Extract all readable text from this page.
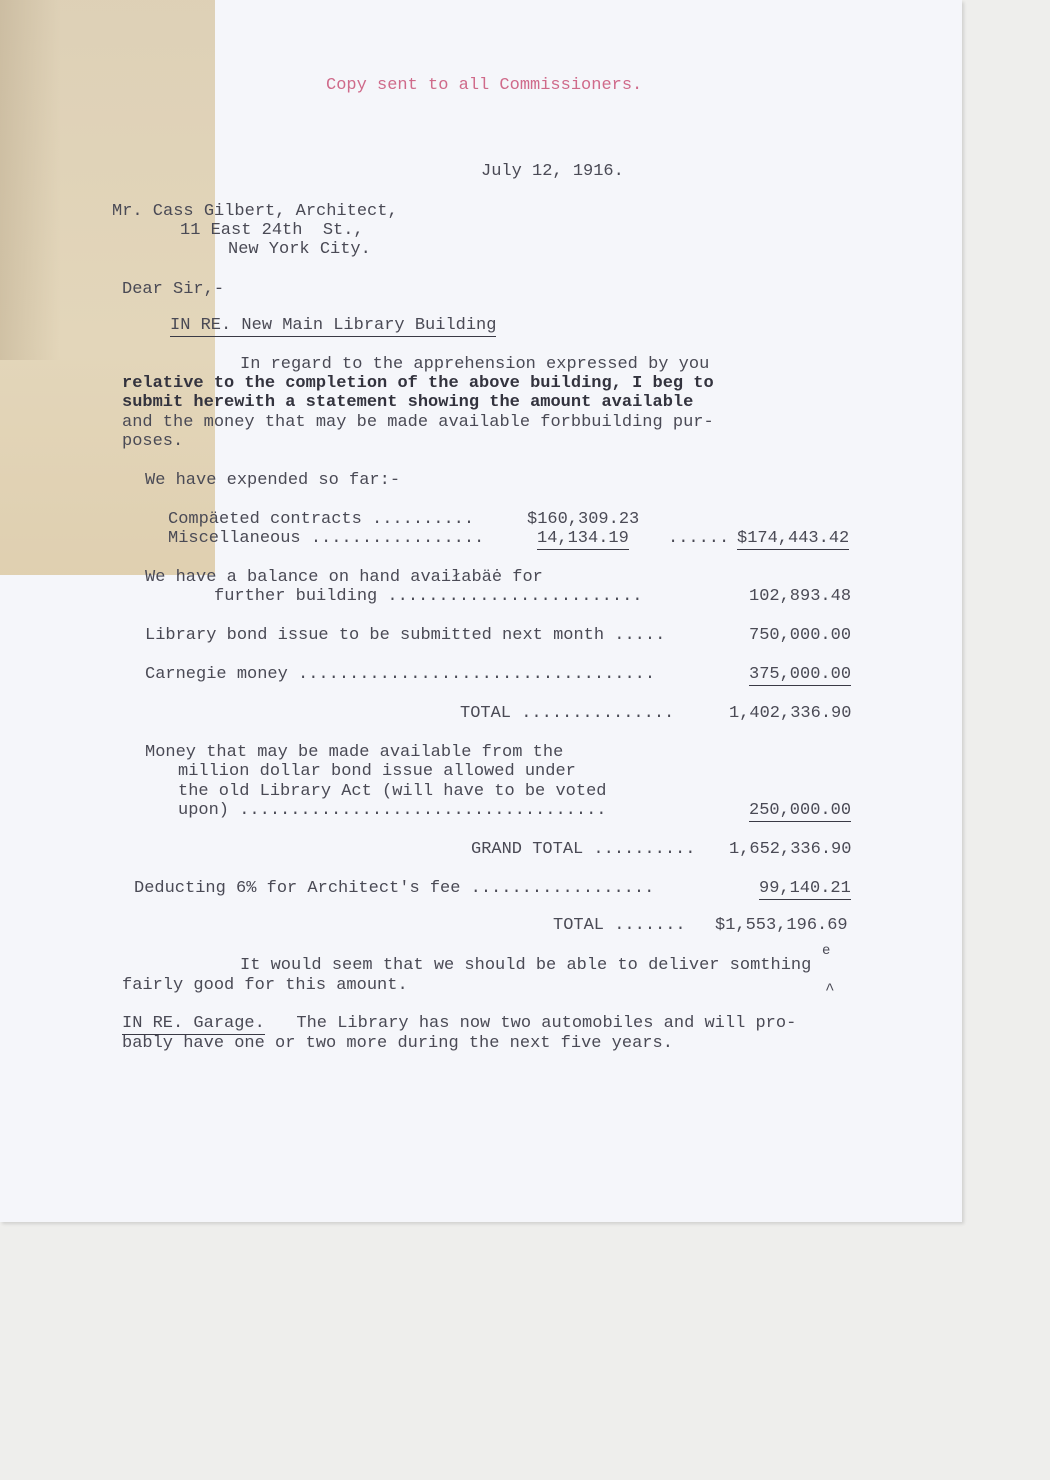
Copy sent to all Commissioners.
July 12, 1916.
Mr. Cass Gilbert, Architect,
11 East 24th  St.,
New York City.
Dear Sir,-
IN RE. New Main Library Building
In regard to the apprehension expressed by you
relative to the completion of the above building, I beg to
submit herewith a statement showing the amount available
and the money that may be made available forbbuilding pur-
poses.
We have expended so far:-
Compäeted contracts ..........	$160,309.23
Miscellaneous .................	14,134.19 ...... $174,443.42
We have a balance on hand avaiłabäė for
further building .........................	102,893.48
Library bond issue to be submitted next month .....	750,000.00
Carnegie money ...................................	375,000.00
TOTAL ...............	1,402,336.90
Money that may be made available from the
million dollar bond issue allowed under
the old Library Act (will have to be voted
upon) ....................................	250,000.00
GRAND TOTAL .......... 1,652,336.90
Deducting 6% for Architect's fee ..................	99,140.21
TOTAL ....... $1,553,196.69
e
It would seem that we should be able to deliver somthing
fairly good for this amount.	^
IN RE. Garage. The Library has now two automobiles and will pro-
bably have one or two more during the next five years.
